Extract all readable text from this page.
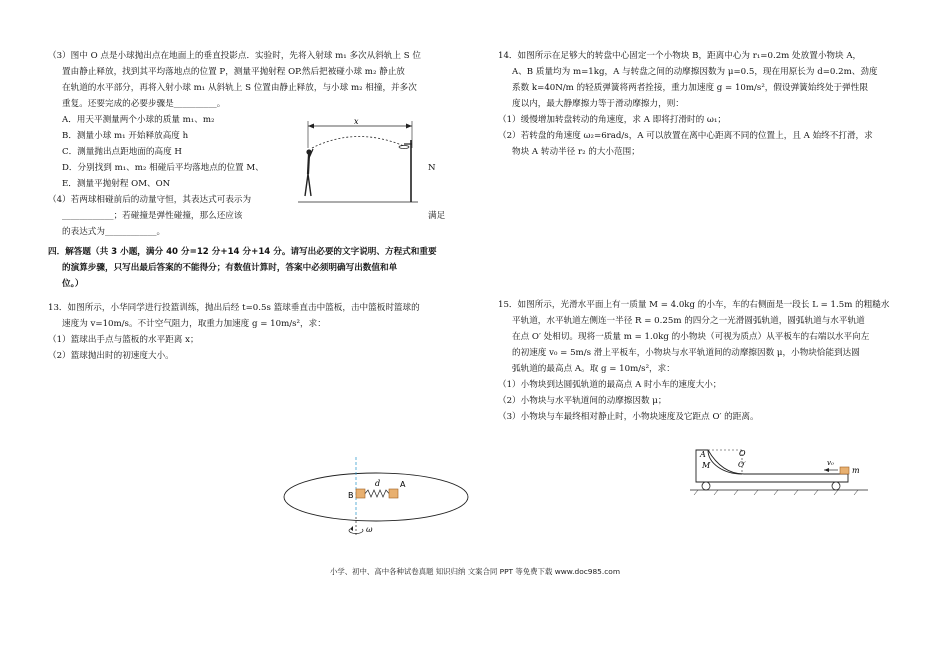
（3）图中 O 点是小球抛出点在地面上的垂直投影点．实验时，先将入射球 m₁ 多次从斜轨上 S 位

置由静止释放，找到其平均落地点的位置 P，测量平抛射程 OP.然后把被碰小球 m₂ 静止放

在轨道的水平部分，再将入射小球 m₁ 从斜轨上 S 位置由静止释放，与小球 m₂ 相撞，并多次

重复。还要完成的必要步骤是__________。

A．用天平测量两个小球的质量 m₁、m₂

B．测量小球 m₁ 开始释放高度 h

C．测量抛出点距地面的高度 H

D．分别找到 m₁、m₂ 相碰后平均落地点的位置 M、	N

E．测量平抛射程 OM、ON

（4）若两球相碰前后的动量守恒，其表达式可表示为

____________；若碰撞是弹性碰撞，那么还应该	满足

的表达式为____________。

四．解答题（共 3 小题，满分 40 分=12 分+14 分+14 分。请写出必要的文字说明、方程式和重要

的演算步骤，只写出最后答案的不能得分；有数值计算时，答案中必须明确写出数值和单

位。）

13．如图所示，小华同学进行投篮训练，抛出后经 t=0.5s 篮球垂直击中篮板，击中篮板时篮球的

速度为 v=10m/s。不计空气阻力，取重力加速度 g = 10m/s²，求：

（1）篮球出手点与篮板的水平距离 x；

（2）篮球抛出时的初速度大小。

x
B
A
d
ω

14．如图所示在足够大的转盘中心固定一个小物块 B，距离中心为 r₁=0.2m 处放置小物块 A，

A、B 质量均为 m=1kg，A 与转盘之间的动摩擦因数为 μ=0.5，现在用原长为 d=0.2m、劲度

系数 k=40N/m 的轻质弹簧将两者拴接，重力加速度 g = 10m/s²，假设弹簧始终处于弹性限

度以内，最大静摩擦力等于滑动摩擦力，则：

（1）缓慢增加转盘转动的角速度，求 A 即将打滑时的 ω₁；

（2）若转盘的角速度 ω₂=6rad/s，A 可以放置在离中心距离不同的位置上，且 A 始终不打滑，求

物块 A 转动半径 r₂ 的大小范围；

15．如图所示，光滑水平面上有一质量 M = 4.0kg 的小车，车的右侧面是一段长 L = 1.5m 的粗糙水

平轨道，水平轨道左侧连一半径 R = 0.25m 的四分之一光滑圆弧轨道，圆弧轨道与水平轨道

在点 O′ 处相切。现将一质量 m = 1.0kg 的小物块（可视为质点）从平板车的右端以水平向左

的初速度 v₀ = 5m/s 滑上平板车，小物块与水平轨道间的动摩擦因数 μ，小物块恰能到达圆

弧轨道的最高点 A。取 g = 10m/s²，求：

（1）小物块到达圆弧轨道的最高点 A 时小车的速度大小；

（2）小物块与水平轨道间的动摩擦因数 μ；

（3）小物块与车最终相对静止时，小物块速度及它距点 O′ 的距离。

A	O
M	O′	v₀
m
小学、初中、高中各种试卷真题 知识归纳 文案合同 PPT 等免费下载 www.doc985.com
